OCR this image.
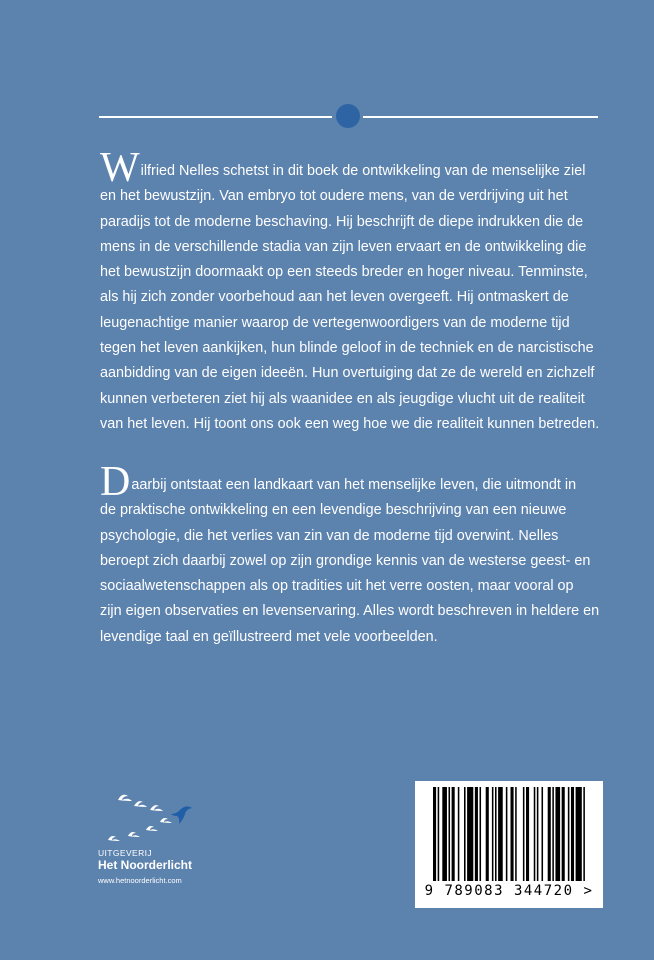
Wilfried Nelles schetst in dit boek de ontwikkeling van de menselijke ziel
en het bewustzijn. Van embryo tot oudere mens, van de verdrijving uit het
paradijs tot de moderne beschaving. Hij beschrijft de diepe indrukken die de
mens in de verschillende stadia van zijn leven ervaart en de ontwikkeling die
het bewustzijn doormaakt op een steeds breder en hoger niveau. Tenminste,
als hij zich zonder voorbehoud aan het leven overgeeft. Hij ontmaskert de
leugenachtige manier waarop de vertegenwoordigers van de moderne tijd
tegen het leven aankijken, hun blinde geloof in de techniek en de narcistische
aanbidding van de eigen ideeën. Hun overtuiging dat ze de wereld en zichzelf
kunnen verbeteren ziet hij als waanidee en als jeugdige vlucht uit de realiteit
van het leven. Hij toont ons ook een weg hoe we die realiteit kunnen betreden.

Daarbij ontstaat een landkaart van het menselijke leven, die uitmondt in
de praktische ontwikkeling en een levendige beschrijving van een nieuwe
psychologie, die het verlies van zin van de moderne tijd overwint. Nelles
beroept zich daarbij zowel op zijn grondige kennis van de westerse geest- en
sociaalwetenschappen als op tradities uit het verre oosten, maar vooral op
zijn eigen observaties en levenservaring. Alles wordt beschreven in heldere en
levendige taal en geïllustreerd met vele voorbeelden.

UITGEVERIJ
Het Noorderlicht
www.hetnoorderlicht.com
9 789083 344720 >
